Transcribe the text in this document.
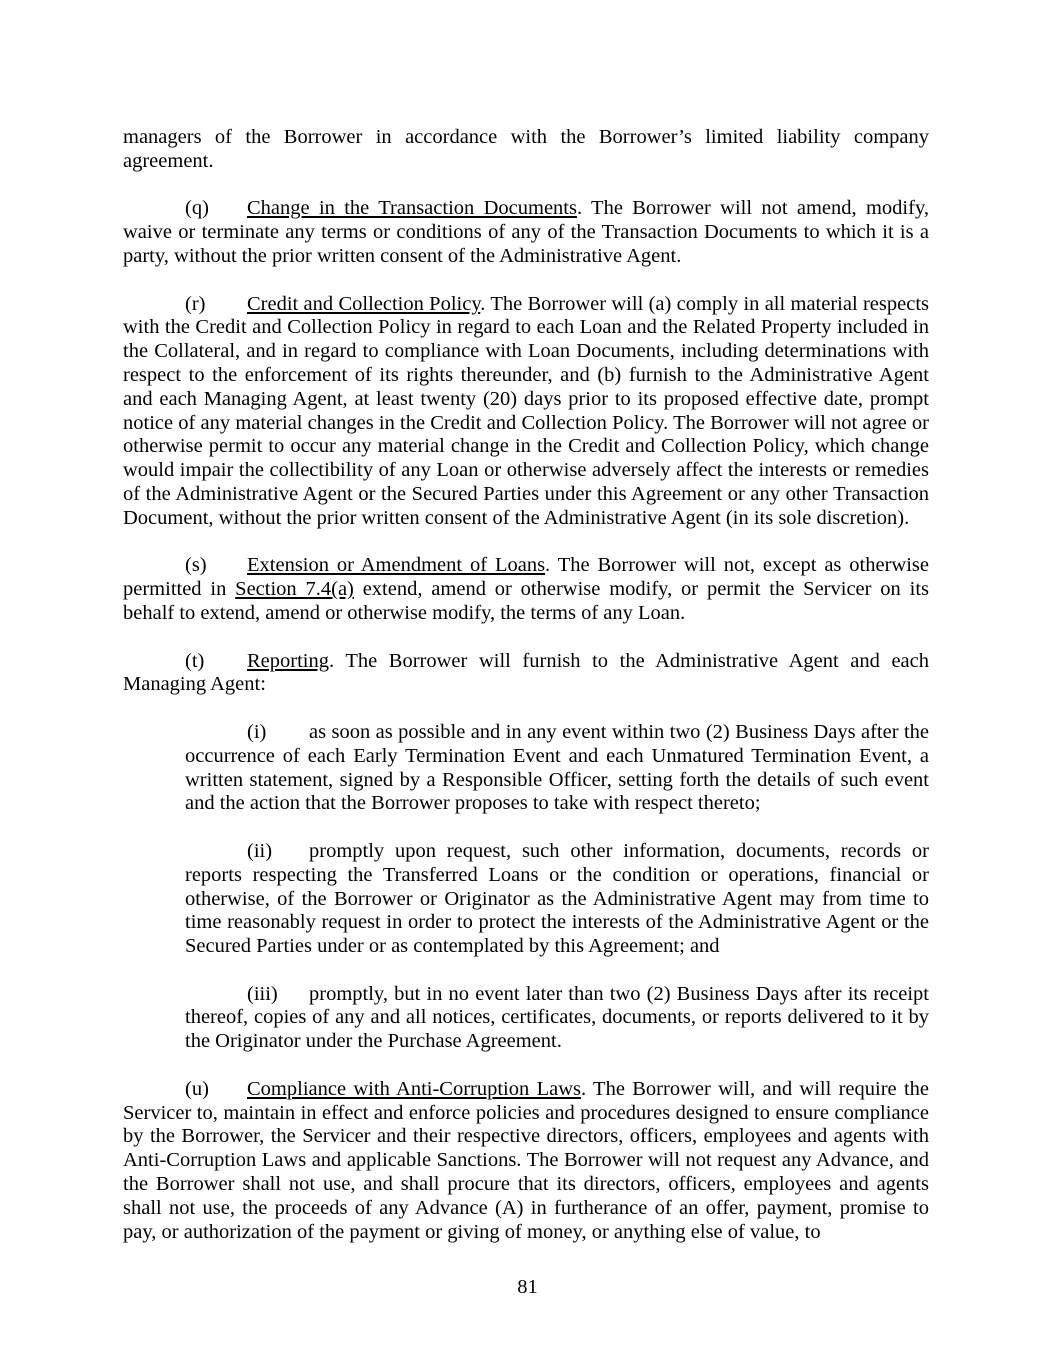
managers of the Borrower in accordance with the Borrower’s limited liability company agreement.

(q) Change in the Transaction Documents. The Borrower will not amend, modify, waive or terminate any terms or conditions of any of the Transaction Documents to which it is a party, without the prior written consent of the Administrative Agent.

(r) Credit and Collection Policy. The Borrower will (a) comply in all material respects with the Credit and Collection Policy in regard to each Loan and the Related Property included in the Collateral, and in regard to compliance with Loan Documents, including determinations with respect to the enforcement of its rights thereunder, and (b) furnish to the Administrative Agent and each Managing Agent, at least twenty (20) days prior to its proposed effective date, prompt notice of any material changes in the Credit and Collection Policy. The Borrower will not agree or otherwise permit to occur any material change in the Credit and Collection Policy, which change would impair the collectibility of any Loan or otherwise adversely affect the interests or remedies of the Administrative Agent or the Secured Parties under this Agreement or any other Transaction Document, without the prior written consent of the Administrative Agent (in its sole discretion).

(s) Extension or Amendment of Loans. The Borrower will not, except as otherwise permitted in Section 7.4(a) extend, amend or otherwise modify, or permit the Servicer on its behalf to extend, amend or otherwise modify, the terms of any Loan.

(t) Reporting. The Borrower will furnish to the Administrative Agent and each Managing Agent:

(i) as soon as possible and in any event within two (2) Business Days after the occurrence of each Early Termination Event and each Unmatured Termination Event, a written statement, signed by a Responsible Officer, setting forth the details of such event and the action that the Borrower proposes to take with respect thereto;

(ii) promptly upon request, such other information, documents, records or reports respecting the Transferred Loans or the condition or operations, financial or otherwise, of the Borrower or Originator as the Administrative Agent may from time to time reasonably request in order to protect the interests of the Administrative Agent or the Secured Parties under or as contemplated by this Agreement; and

(iii) promptly, but in no event later than two (2) Business Days after its receipt thereof, copies of any and all notices, certificates, documents, or reports delivered to it by the Originator under the Purchase Agreement.

(u) Compliance with Anti-Corruption Laws. The Borrower will, and will require the Servicer to, maintain in effect and enforce policies and procedures designed to ensure compliance by the Borrower, the Servicer and their respective directors, officers, employees and agents with Anti-Corruption Laws and applicable Sanctions. The Borrower will not request any Advance, and the Borrower shall not use, and shall procure that its directors, officers, employees and agents shall not use, the proceeds of any Advance (A) in furtherance of an offer, payment, promise to pay, or authorization of the payment or giving of money, or anything else of value, to

81
